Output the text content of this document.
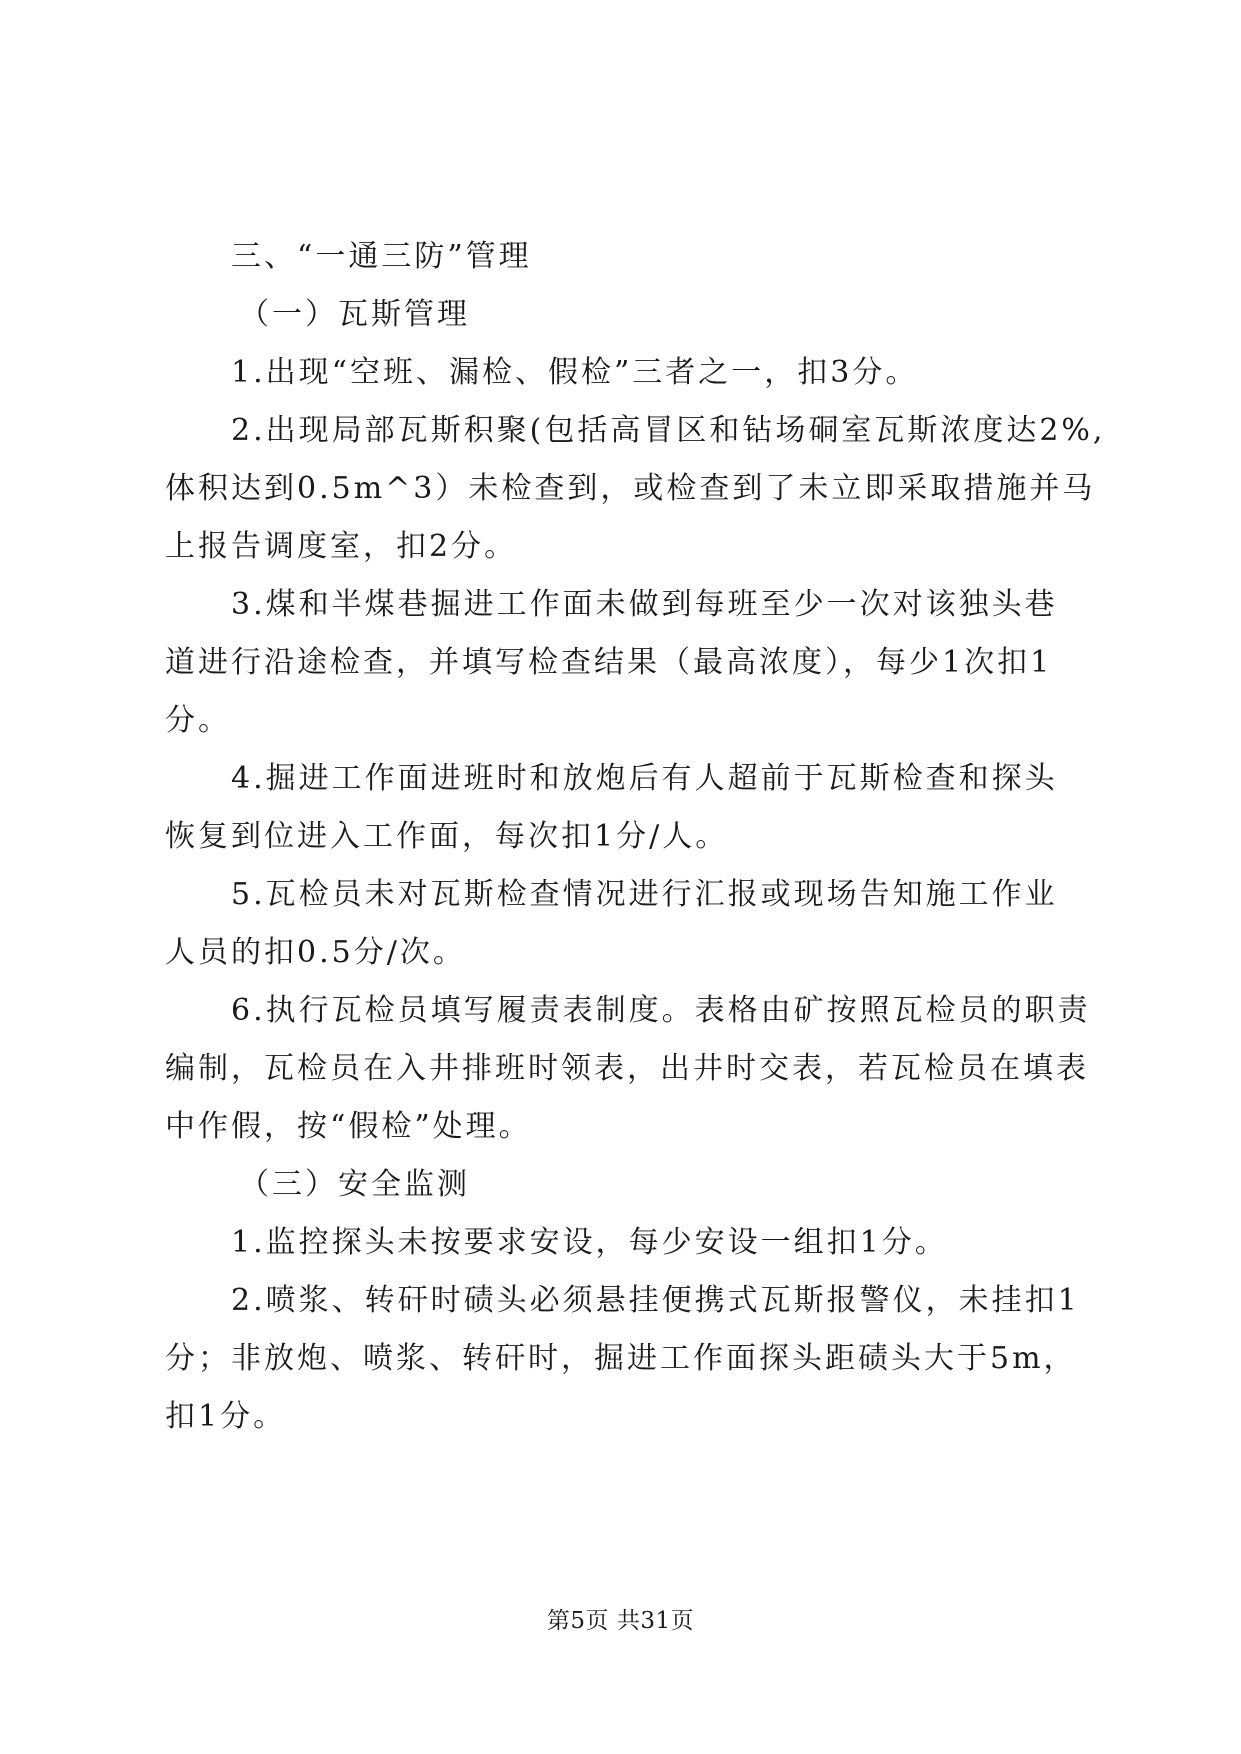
三、“一通三防”管理
（一）瓦斯管理
1.出现“空班、漏检、假检”三者之一，扣3分。
2.出现局部瓦斯积聚(包括高冒区和钻场硐室瓦斯浓度达2%,
体积达到0.5m^3）未检查到，或检查到了未立即采取措施并马
上报告调度室，扣2分。
3.煤和半煤巷掘进工作面未做到每班至少一次对该独头巷
道进行沿途检查，并填写检查结果（最高浓度），每少1次扣1
分。
4.掘进工作面进班时和放炮后有人超前于瓦斯检查和探头
恢复到位进入工作面，每次扣1分/人。
5.瓦检员未对瓦斯检查情况进行汇报或现场告知施工作业
人员的扣0.5分/次。
6.执行瓦检员填写履责表制度。表格由矿按照瓦检员的职责
编制，瓦检员在入井排班时领表，出井时交表，若瓦检员在填表
中作假，按“假检”处理。
（三）安全监测
1.监控探头未按要求安设，每少安设一组扣1分。
2.喷浆、转矸时碛头必须悬挂便携式瓦斯报警仪，未挂扣1
分；非放炮、喷浆、转矸时，掘进工作面探头距碛头大于5m，
扣1分。
第5页 共31页
